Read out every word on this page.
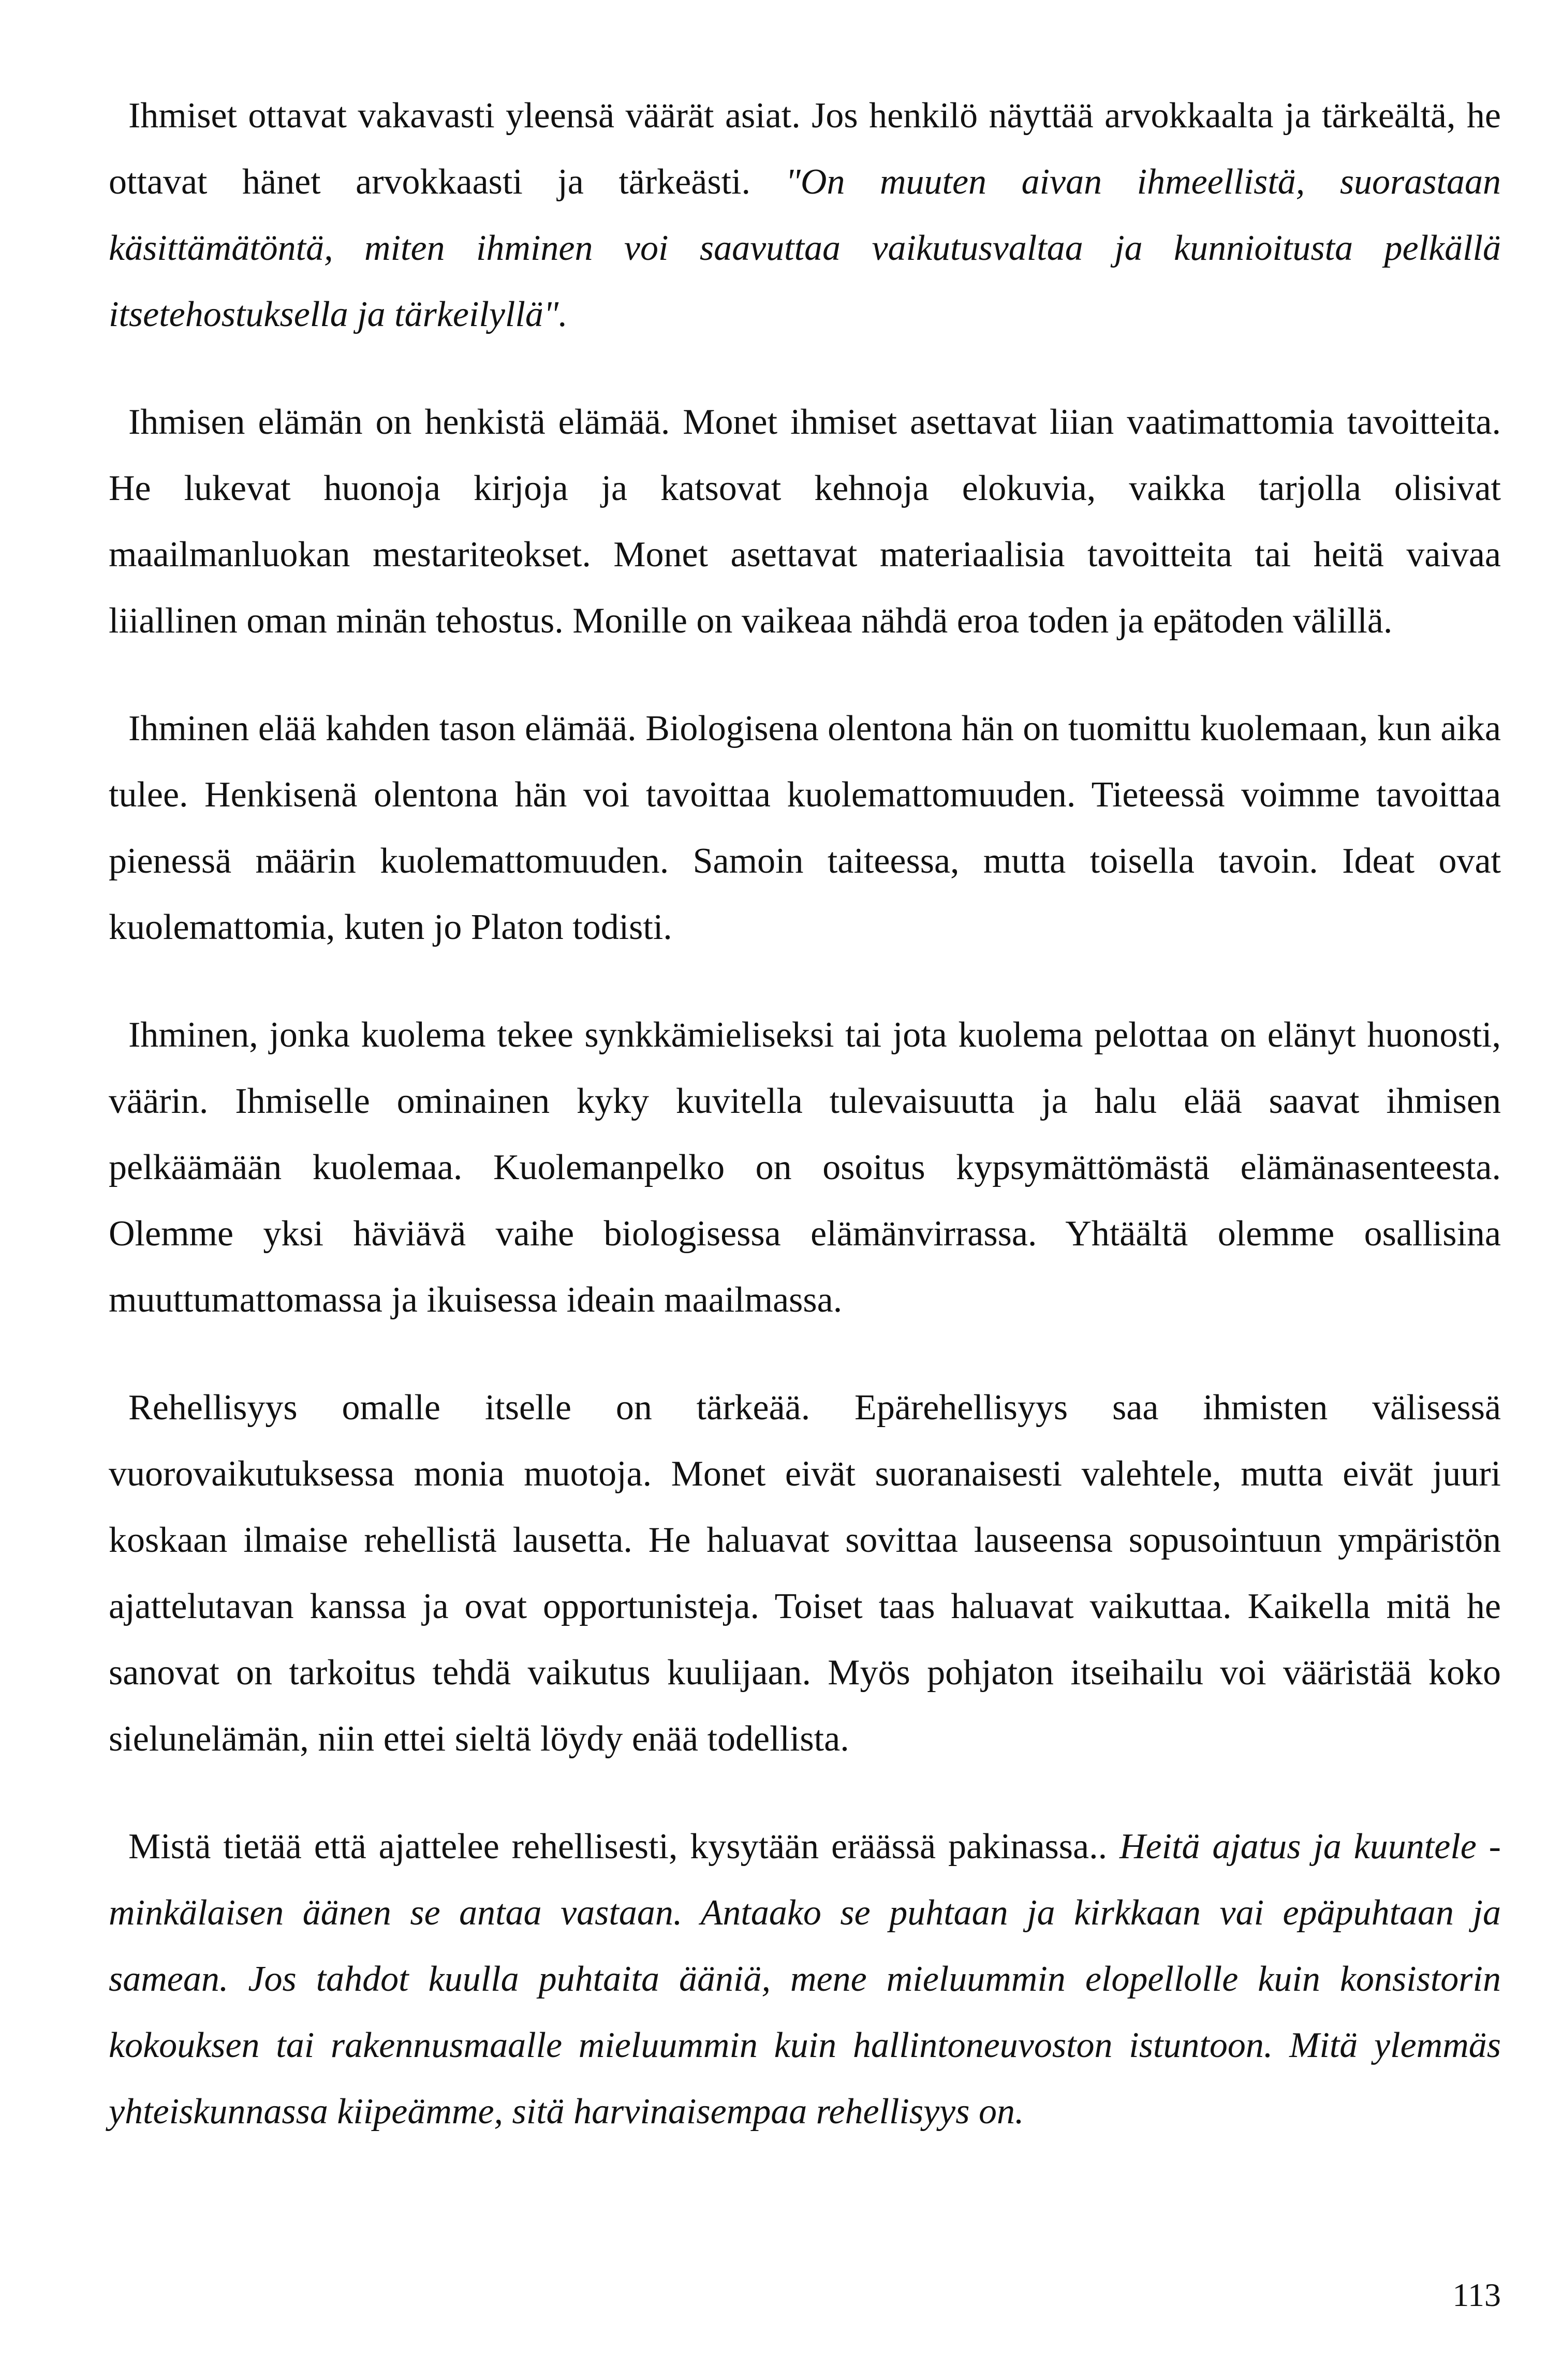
Ihmiset ottavat vakavasti yleensä väärät asiat. Jos henkilö näyttää arvokkaalta ja tärkeältä, he ottavat hänet arvokkaasti ja tärkeästi. "On muuten aivan ihmeellistä, suorastaan käsittämätöntä, miten ihminen voi saavuttaa vaikutusvaltaa ja kunnioitusta pelkällä itsetehostuksella ja tärkeilyllä".

Ihmisen elämän on henkistä elämää. Monet ihmiset asettavat liian vaatimattomia tavoitteita. He lukevat huonoja kirjoja ja katsovat kehnoja elokuvia, vaikka tarjolla olisivat maailmanluokan mestariteokset. Monet asettavat materiaalisia tavoitteita tai heitä vaivaa liiallinen oman minän tehostus. Monille on vaikeaa nähdä eroa toden ja epätoden välillä.

Ihminen elää kahden tason elämää. Biologisena olentona hän on tuomittu kuolemaan, kun aika tulee. Henkisenä olentona hän voi tavoittaa kuolemattomuuden. Tieteessä voimme tavoittaa pienessä määrin kuolemattomuuden. Samoin taiteessa, mutta toisella tavoin. Ideat ovat kuolemattomia, kuten jo Platon todisti.

Ihminen, jonka kuolema tekee synkkämieliseksi tai jota kuolema pelottaa on elänyt huonosti, väärin. Ihmiselle ominainen kyky kuvitella tulevaisuutta ja halu elää saavat ihmisen pelkäämään kuolemaa. Kuolemanpelko on osoitus kypsymättömästä elämänasenteesta. Olemme yksi häviävä vaihe biologisessa elämänvirrassa. Yhtäältä olemme osallisina muuttumattomassa ja ikuisessa ideain maailmassa.

Rehellisyys omalle itselle on tärkeää. Epärehellisyys saa ihmisten välisessä vuorovaikutuksessa monia muotoja. Monet eivät suoranaisesti valehtele, mutta eivät juuri koskaan ilmaise rehellistä lausetta. He haluavat sovittaa lauseensa sopusointuun ympäristön ajattelutavan kanssa ja ovat opportunisteja. Toiset taas haluavat vaikuttaa. Kaikella mitä he sanovat on tarkoitus tehdä vaikutus kuulijaan. Myös pohjaton itseihailu voi vääristää koko sielunelämän, niin ettei sieltä löydy enää todellista.

Mistä tietää että ajattelee rehellisesti, kysytään eräässä pakinassa.. Heitä ajatus ja kuuntele - minkälaisen äänen se antaa vastaan. Antaako se puhtaan ja kirkkaan vai epäpuhtaan ja samean. Jos tahdot kuulla puhtaita ääniä, mene mieluummin elopellolle kuin konsistorin kokouksen tai rakennusmaalle mieluummin kuin hallintoneuvoston istuntoon. Mitä ylemmäs yhteiskunnassa kiipeämme, sitä harvinaisempaa rehellisyys on.

113
